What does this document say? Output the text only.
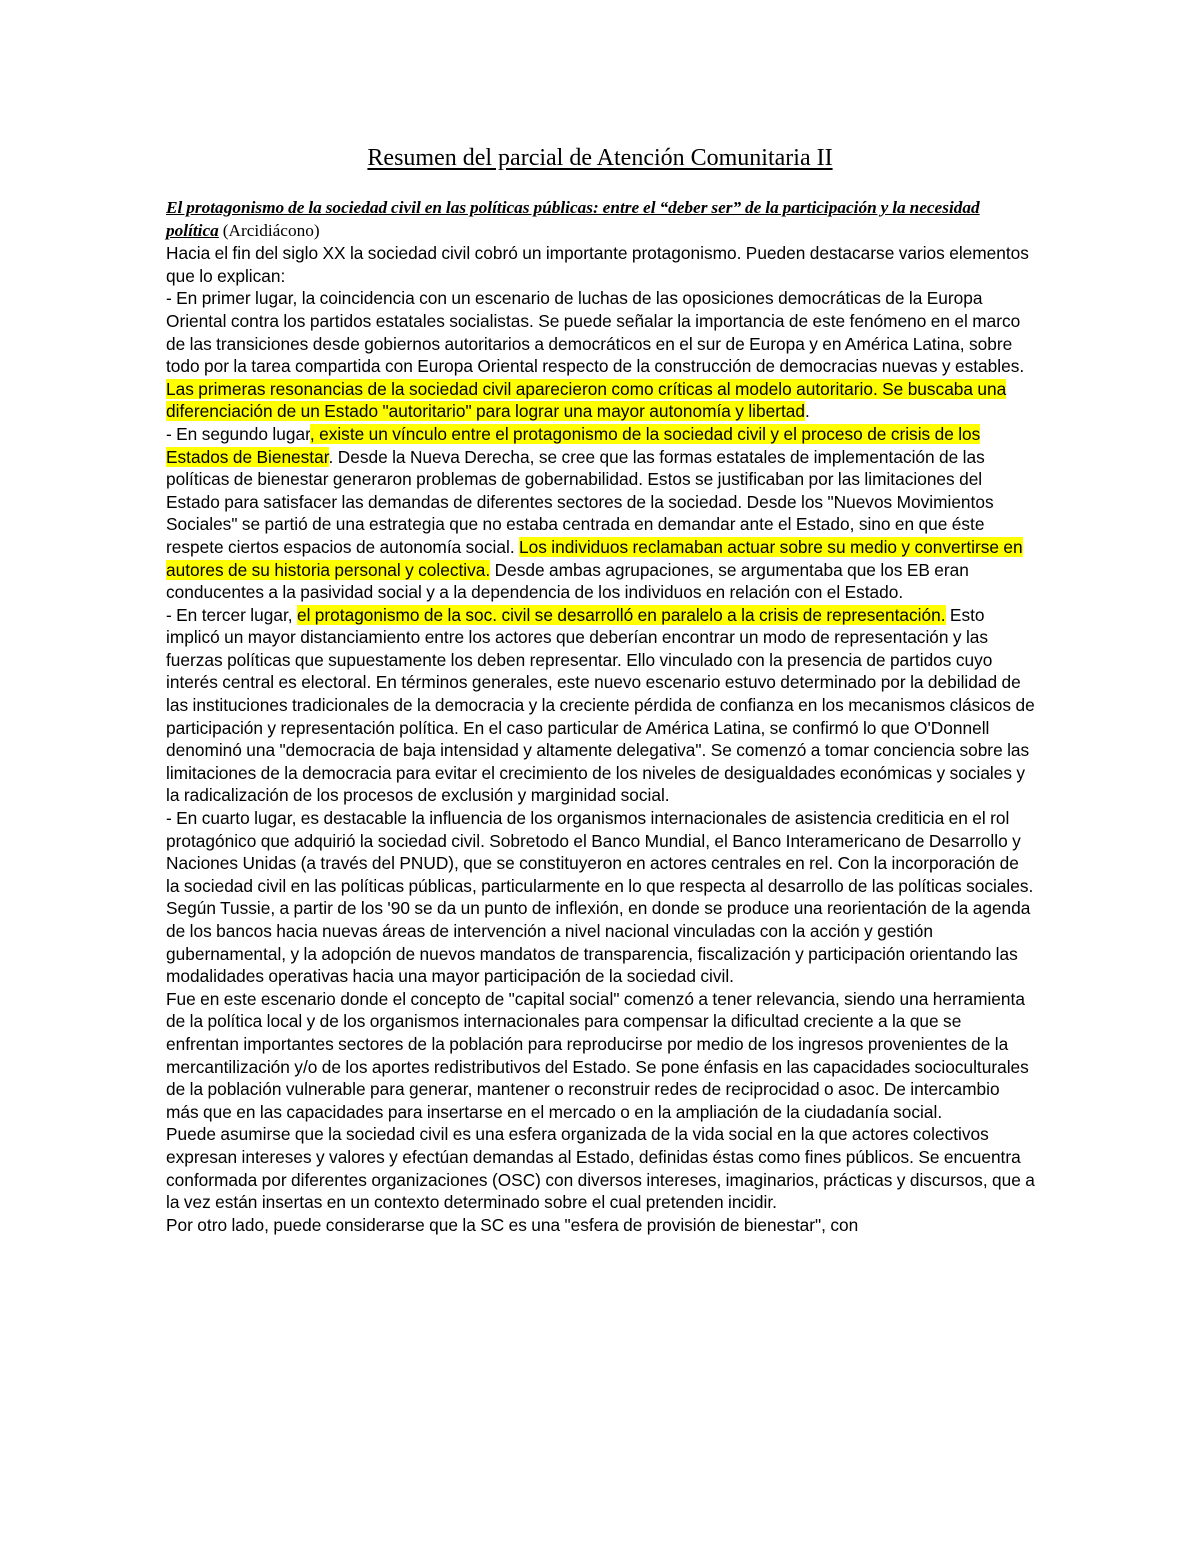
Resumen del parcial de Atención Comunitaria II

El protagonismo de la sociedad civil en las políticas públicas: entre el “deber ser” de la participación y la necesidad política (Arcidiácono)

Hacia el fin del siglo XX la sociedad civil cobró un importante protagonismo. Pueden destacarse varios elementos que lo explican:

- En primer lugar, la coincidencia con un escenario de luchas de las oposiciones democráticas de la Europa Oriental contra los partidos estatales socialistas. Se puede señalar la importancia de este fenómeno en el marco de las transiciones desde gobiernos autoritarios a democráticos en el sur de Europa y en América Latina, sobre todo por la tarea compartida con Europa Oriental respecto de la construcción de democracias nuevas y estables.

Las primeras resonancias de la sociedad civil aparecieron como críticas al modelo autoritario. Se buscaba una diferenciación de un Estado "autoritario" para lograr una mayor autonomía y libertad.

- En segundo lugar, existe un vínculo entre el protagonismo de la sociedad civil y el proceso de crisis de los Estados de Bienestar. Desde la Nueva Derecha, se cree que las formas estatales de implementación de las políticas de bienestar generaron problemas de gobernabilidad. Estos se justificaban por las limitaciones del Estado para satisfacer las demandas de diferentes sectores de la sociedad. Desde los "Nuevos Movimientos Sociales" se partió de una estrategia que no estaba centrada en demandar ante el Estado, sino en que éste respete ciertos espacios de autonomía social. Los individuos reclamaban actuar sobre su medio y convertirse en autores de su historia personal y colectiva. Desde ambas agrupaciones, se argumentaba que los EB eran conducentes a la pasividad social y a la dependencia de los individuos en relación con el Estado.

- En tercer lugar, el protagonismo de la soc. civil se desarrolló en paralelo a la crisis de representación. Esto implicó un mayor distanciamiento entre los actores que deberían encontrar un modo de representación y las fuerzas políticas que supuestamente los deben representar. Ello vinculado con la presencia de partidos cuyo interés central es electoral. En términos generales, este nuevo escenario estuvo determinado por la debilidad de las instituciones tradicionales de la democracia y la creciente pérdida de confianza en los mecanismos clásicos de participación y representación política. En el caso particular de América Latina, se confirmó lo que O'Donnell denominó una "democracia de baja intensidad y altamente delegativa". Se comenzó a tomar conciencia sobre las limitaciones de la democracia para evitar el crecimiento de los niveles de desigualdades económicas y sociales y la radicalización de los procesos de exclusión y marginidad social.

- En cuarto lugar, es destacable la influencia de los organismos internacionales de asistencia crediticia en el rol protagónico que adquirió la sociedad civil. Sobretodo el Banco Mundial, el Banco Interamericano de Desarrollo y Naciones Unidas (a través del PNUD), que se constituyeron en actores centrales en rel. Con la incorporación de la sociedad civil en las políticas públicas, particularmente en lo que respecta al desarrollo de las políticas sociales. Según Tussie, a partir de los '90 se da un punto de inflexión, en donde se produce una reorientación de la agenda de los bancos hacia nuevas áreas de intervención a nivel nacional vinculadas con la acción y gestión gubernamental, y la adopción de nuevos mandatos de transparencia, fiscalización y participación orientando las modalidades operativas hacia una mayor participación de la sociedad civil.

Fue en este escenario donde el concepto de "capital social" comenzó a tener relevancia, siendo una herramienta de la política local y de los organismos internacionales para compensar la dificultad creciente a la que se enfrentan importantes sectores de la población para reproducirse por medio de los ingresos provenientes de la mercantilización y/o de los aportes redistributivos del Estado. Se pone énfasis en las capacidades socioculturales de la población vulnerable para generar, mantener o reconstruir redes de reciprocidad o asoc. De intercambio más que en las capacidades para insertarse en el mercado o en la ampliación de la ciudadanía social.

Puede asumirse que la sociedad civil es una esfera organizada de la vida social en la que actores colectivos expresan intereses y valores y efectúan demandas al Estado, definidas éstas como fines públicos. Se encuentra conformada por diferentes organizaciones (OSC) con diversos intereses, imaginarios, prácticas y discursos, que a la vez están insertas en un contexto determinado sobre el cual pretenden incidir.

Por otro lado, puede considerarse que la SC es una "esfera de provisión de bienestar", con
